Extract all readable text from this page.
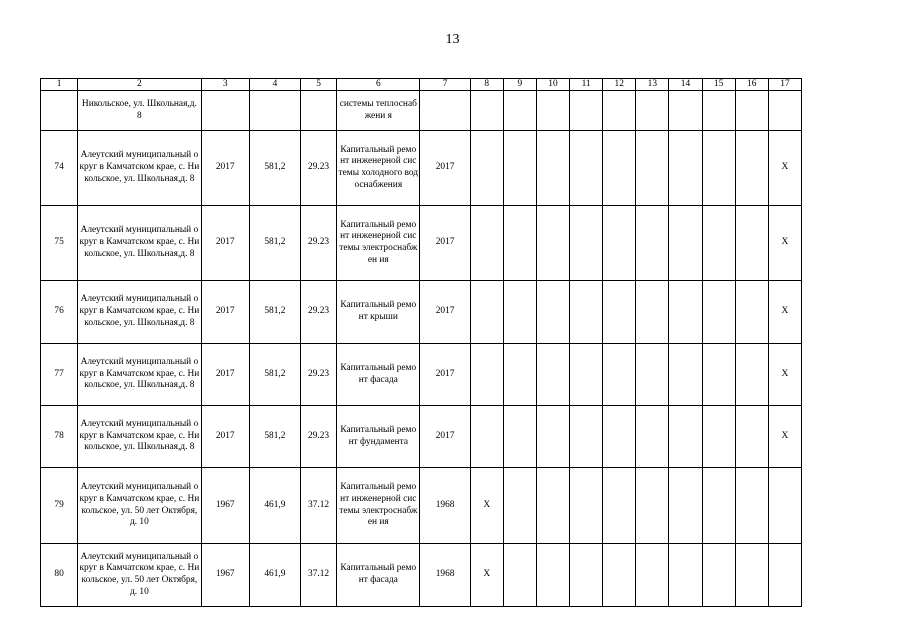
13
1	2	3	4	5	6	7	8	9	10	11	12	13	14	15	16	17
	Никольское, ул. Школьная,д. 8				системы теплоснабжени я											
74	Алеутский муниципальный округ в Камчатском крае, с. Никольское, ул. Школьная,д. 8	2017	581,2	29.23	Капитальный ремонт инженерной системы холодного водоснабжения	2017										X
75	Алеутский муниципальный округ в Камчатском крае, с. Никольское, ул. Школьная,д. 8	2017	581,2	29.23	Капитальный ремонт инженерной системы электроснабжен ия	2017										X
76	Алеутский муниципальный округ в Камчатском крае, с. Никольское, ул. Школьная,д. 8	2017	581,2	29.23	Капитальный ремонт крыши	2017										X
77	Алеутский муниципальный округ в Камчатском крае, с. Никольское, ул. Школьная,д. 8	2017	581,2	29.23	Капитальный ремонт фасада	2017										X
78	Алеутский муниципальный округ в Камчатском крае, с. Никольское, ул. Школьная,д. 8	2017	581,2	29.23	Капитальный ремонт фундамента	2017										X
79	Алеутский муниципальный округ в Камчатском крае, с. Никольское, ул. 50 лет Октября,д. 10	1967	461,9	37.12	Капитальный ремонт инженерной системы электроснабжен ия	1968	X									
80	Алеутский муниципальный округ в Камчатском крае, с. Никольское, ул. 50 лет Октября,д. 10	1967	461,9	37.12	Капитальный ремонт фасада	1968	X									
